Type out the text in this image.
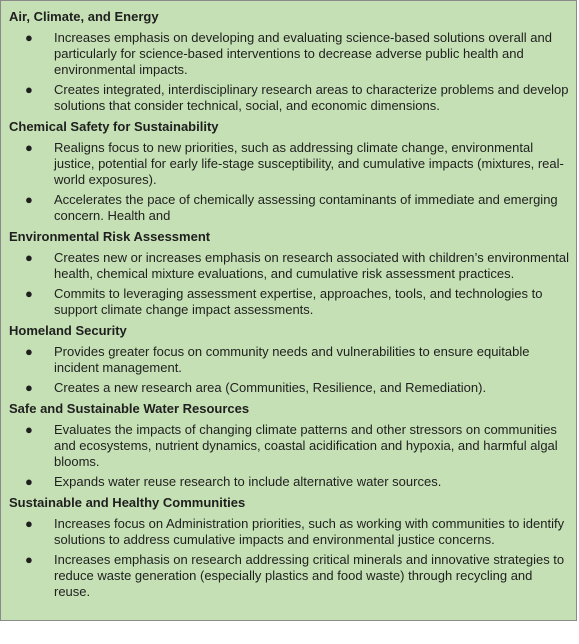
Air, Climate, and Energy
● Increases emphasis on developing and evaluating science-based solutions overall and particularly for science-based interventions to decrease adverse public health and environmental impacts.
● Creates integrated, interdisciplinary research areas to characterize problems and develop solutions that consider technical, social, and economic dimensions.
Chemical Safety for Sustainability
● Realigns focus to new priorities, such as addressing climate change, environmental justice, potential for early life-stage susceptibility, and cumulative impacts (mixtures, real-world exposures).
● Accelerates the pace of chemically assessing contaminants of immediate and emerging concern. Health and
Environmental Risk Assessment
● Creates new or increases emphasis on research associated with children’s environmental health, chemical mixture evaluations, and cumulative risk assessment practices.
● Commits to leveraging assessment expertise, approaches, tools, and technologies to support climate change impact assessments.
Homeland Security
● Provides greater focus on community needs and vulnerabilities to ensure equitable incident management.
● Creates a new research area (Communities, Resilience, and Remediation).
Safe and Sustainable Water Resources
● Evaluates the impacts of changing climate patterns and other stressors on communities and ecosystems, nutrient dynamics, coastal acidification and hypoxia, and harmful algal blooms.
● Expands water reuse research to include alternative water sources.
Sustainable and Healthy Communities
● Increases focus on Administration priorities, such as working with communities to identify solutions to address cumulative impacts and environmental justice concerns.
● Increases emphasis on research addressing critical minerals and innovative strategies to reduce waste generation (especially plastics and food waste) through recycling and reuse.
